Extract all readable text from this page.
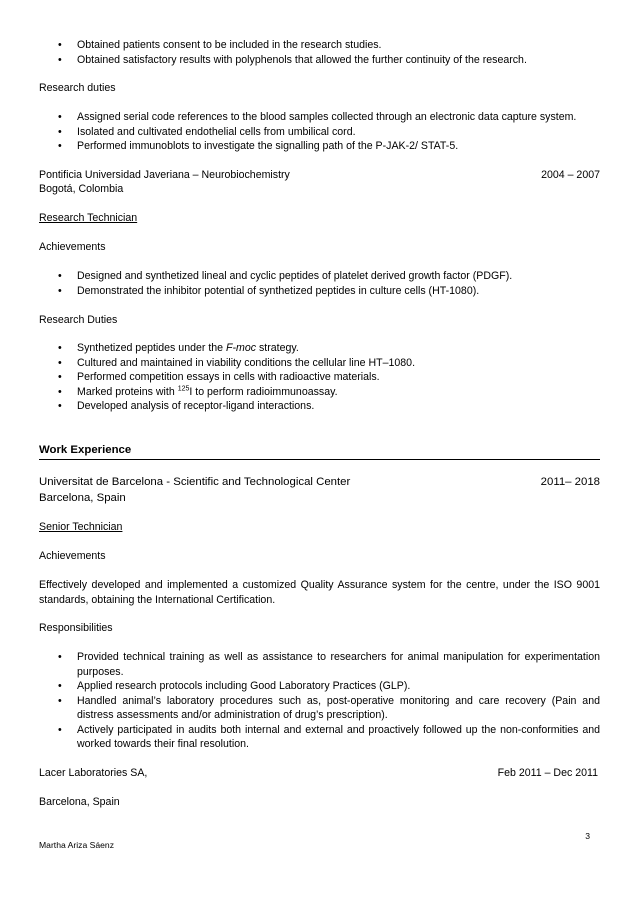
• Obtained patients consent to be included in the research studies.
• Obtained satisfactory results with polyphenols that allowed the further continuity of the research.
Research duties
• Assigned serial code references to the blood samples collected through an electronic data capture system.
• Isolated and cultivated endothelial cells from umbilical cord.
• Performed immunoblots to investigate the signalling path of the P-JAK-2/ STAT-5.
Pontificia Universidad Javeriana – Neurobiochemistry	2004 – 2007
Bogotá, Colombia
Research Technician
Achievements
• Designed and synthetized lineal and cyclic peptides of platelet derived growth factor (PDGF).
• Demonstrated the inhibitor potential of synthetized peptides in culture cells (HT-1080).
Research Duties
• Synthetized peptides under the F-moc strategy.
• Cultured and maintained in viability conditions the cellular line HT–1080.
• Performed competition essays in cells with radioactive materials.
• Marked proteins with $^{125}$I to perform radioimmunoassay.
• Developed analysis of receptor-ligand interactions.
Work Experience
Universitat de Barcelona - Scientific and Technological Center	2011– 2018
Barcelona, Spain
Senior Technician
Achievements
Effectively developed and implemented a customized Quality Assurance system for the centre, under the ISO 9001 standards, obtaining the International Certification.
Responsibilities
• Provided technical training as well as assistance to researchers for animal manipulation for experimentation purposes.
• Applied research protocols including Good Laboratory Practices (GLP).
• Handled animal’s laboratory procedures such as, post-operative monitoring and care recovery (Pain and distress assessments and/or administration of drug’s prescription).
• Actively participated in audits both internal and external and proactively followed up the non-conformities and worked towards their final resolution.
Lacer Laboratories SA,	Feb 2011 – Dec 2011
Barcelona, Spain
3
Martha Ariza Sáenz
